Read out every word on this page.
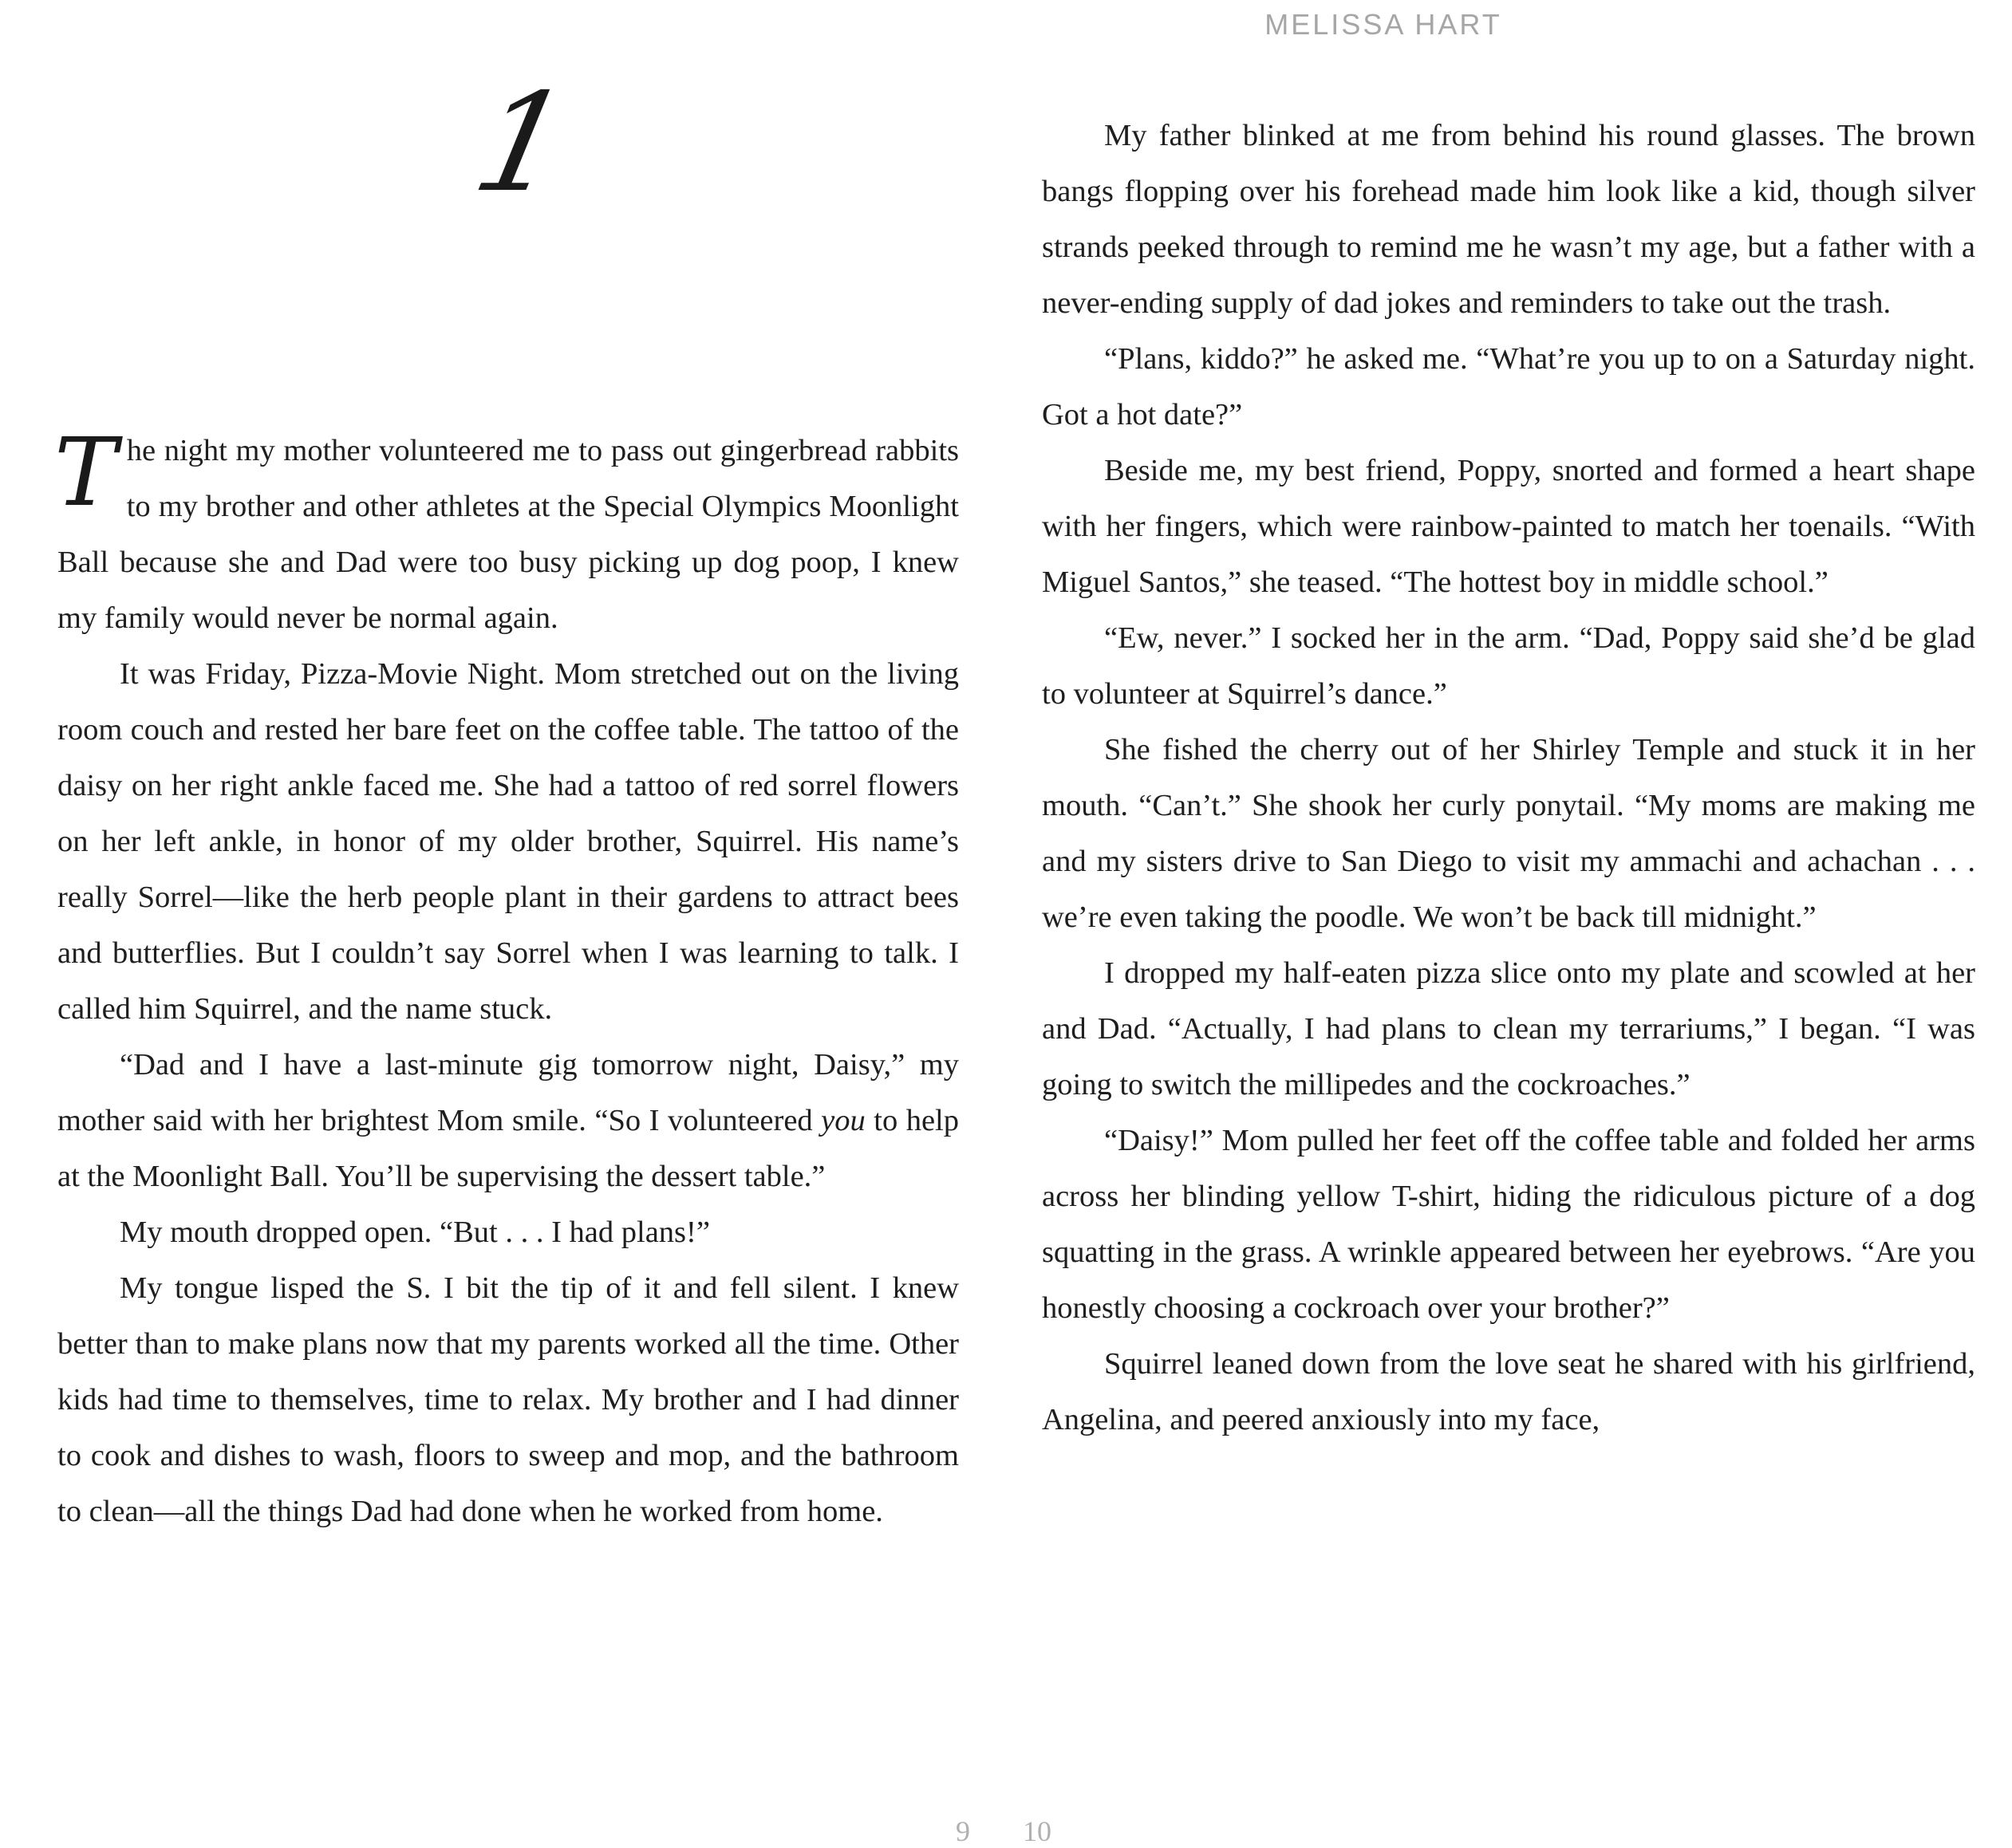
1

The night my mother volunteered me to pass out gingerbread rabbits to my brother and other athletes at the Special Olympics Moonlight Ball because she and Dad were too busy picking up dog poop, I knew my family would never be normal again.

It was Friday, Pizza-Movie Night. Mom stretched out on the living room couch and rested her bare feet on the coffee table. The tattoo of the daisy on her right ankle faced me. She had a tattoo of red sorrel flowers on her left ankle, in honor of my older brother, Squirrel. His name’s really Sorrel—like the herb people plant in their gardens to attract bees and butterflies. But I couldn’t say Sorrel when I was learning to talk. I called him Squirrel, and the name stuck.

“Dad and I have a last-minute gig tomorrow night, Daisy,” my mother said with her brightest Mom smile. “So I volunteered you to help at the Moonlight Ball. You’ll be supervising the dessert table.”

My mouth dropped open. “But . . . I had plans!”

My tongue lisped the S. I bit the tip of it and fell silent. I knew better than to make plans now that my parents worked all the time. Other kids had time to themselves, time to relax. My brother and I had dinner to cook and dishes to wash, floors to sweep and mop, and the bathroom to clean—all the things Dad had done when he worked from home.

9
MELISSA HART

My father blinked at me from behind his round glasses. The brown bangs flopping over his forehead made him look like a kid, though silver strands peeked through to remind me he wasn’t my age, but a father with a never-ending supply of dad jokes and reminders to take out the trash.

“Plans, kiddo?” he asked me. “What’re you up to on a Saturday night. Got a hot date?”

Beside me, my best friend, Poppy, snorted and formed a heart shape with her fingers, which were rainbow-painted to match her toenails. “With Miguel Santos,” she teased. “The hottest boy in middle school.”

“Ew, never.” I socked her in the arm. “Dad, Poppy said she’d be glad to volunteer at Squirrel’s dance.”

She fished the cherry out of her Shirley Temple and stuck it in her mouth. “Can’t.” She shook her curly ponytail. “My moms are making me and my sisters drive to San Diego to visit my ammachi and achachan . . . we’re even taking the poodle. We won’t be back till midnight.”

I dropped my half-eaten pizza slice onto my plate and scowled at her and Dad. “Actually, I had plans to clean my terrariums,” I began. “I was going to switch the millipedes and the cockroaches.”

“Daisy!” Mom pulled her feet off the coffee table and folded her arms across her blinding yellow T-shirt, hiding the ridiculous picture of a dog squatting in the grass. A wrinkle appeared between her eyebrows. “Are you honestly choosing a cockroach over your brother?”

Squirrel leaned down from the love seat he shared with his girlfriend, Angelina, and peered anxiously into my face,

10
